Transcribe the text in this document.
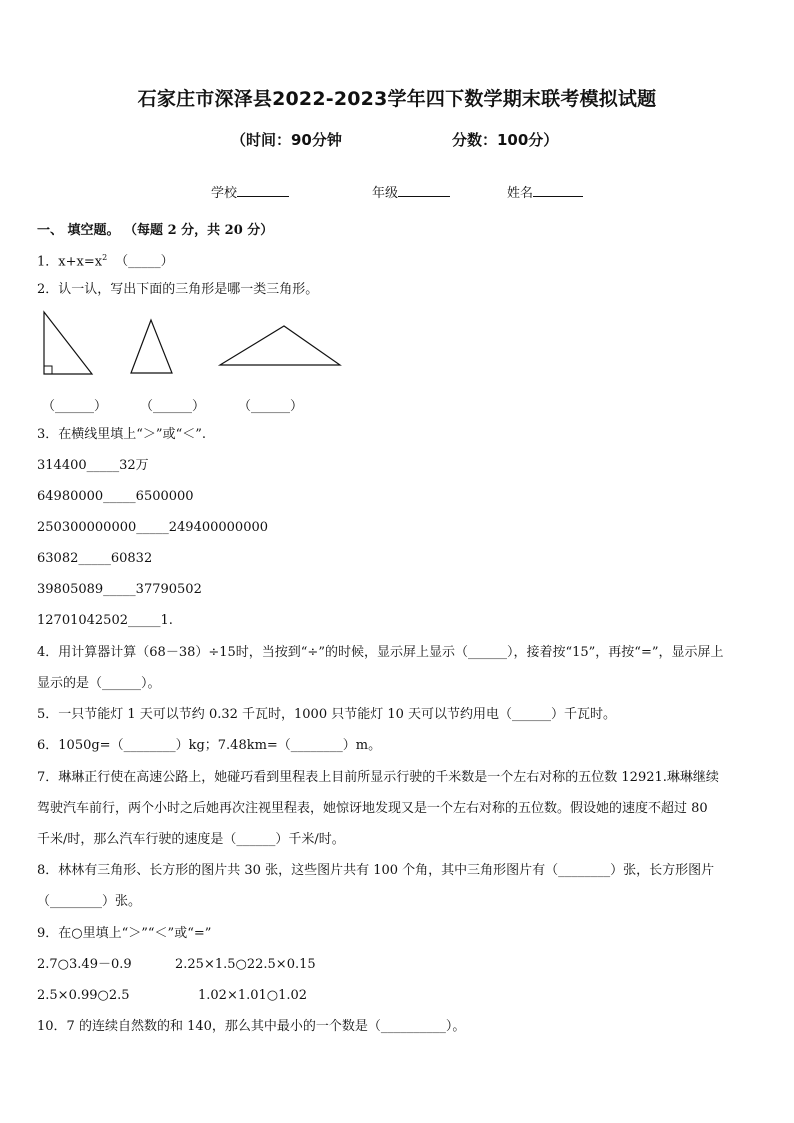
石家庄市深泽县2022-2023学年四下数学期末联考模拟试题
（时间：90分钟	分数：100分）
学校	年级	姓名
一、 填空题。 （每题 2 分，共 20 分）
1．$x+x=x^2$ （_____）
2．认一认，写出下面的三角形是哪一类三角形。
（______）	（______）	（______）
3．在横线里填上“＞”或“＜”.
314400_____32万
64980000_____6500000
250300000000_____249400000000
63082_____60832
39805089_____37790502
12701042502_____1.
4．用计算器计算（68－38）÷15时，当按到“÷”的时候，显示屏上显示（______），接着按“15”，再按“=”，显示屏上
显示的是（______）。
5．一只节能灯 1 天可以节约 0.32 千瓦时，1000 只节能灯 10 天可以节约用电（______）千瓦时。
6．1050g=（________）kg；7.48km=（________）m。
7．琳琳正行使在高速公路上，她碰巧看到里程表上目前所显示行驶的千米数是一个左右对称的五位数 12921.琳琳继续
驾驶汽车前行，两个小时之后她再次注视里程表，她惊讶地发现又是一个左右对称的五位数。假设她的速度不超过 80
千米/时，那么汽车行驶的速度是（______）千米/时。
8．林林有三角形、长方形的图片共 30 张，这些图片共有 100 个角，其中三角形图片有（________）张，长方形图片
（________）张。
9．在○里填上“＞”“＜”或“=”
2.7○3.49－0.9	2.25×1.5○22.5×0.15
2.5×0.99○2.5	1.02×1.01○1.02
10．7 的连续自然数的和 140，那么其中最小的一个数是（__________）。
